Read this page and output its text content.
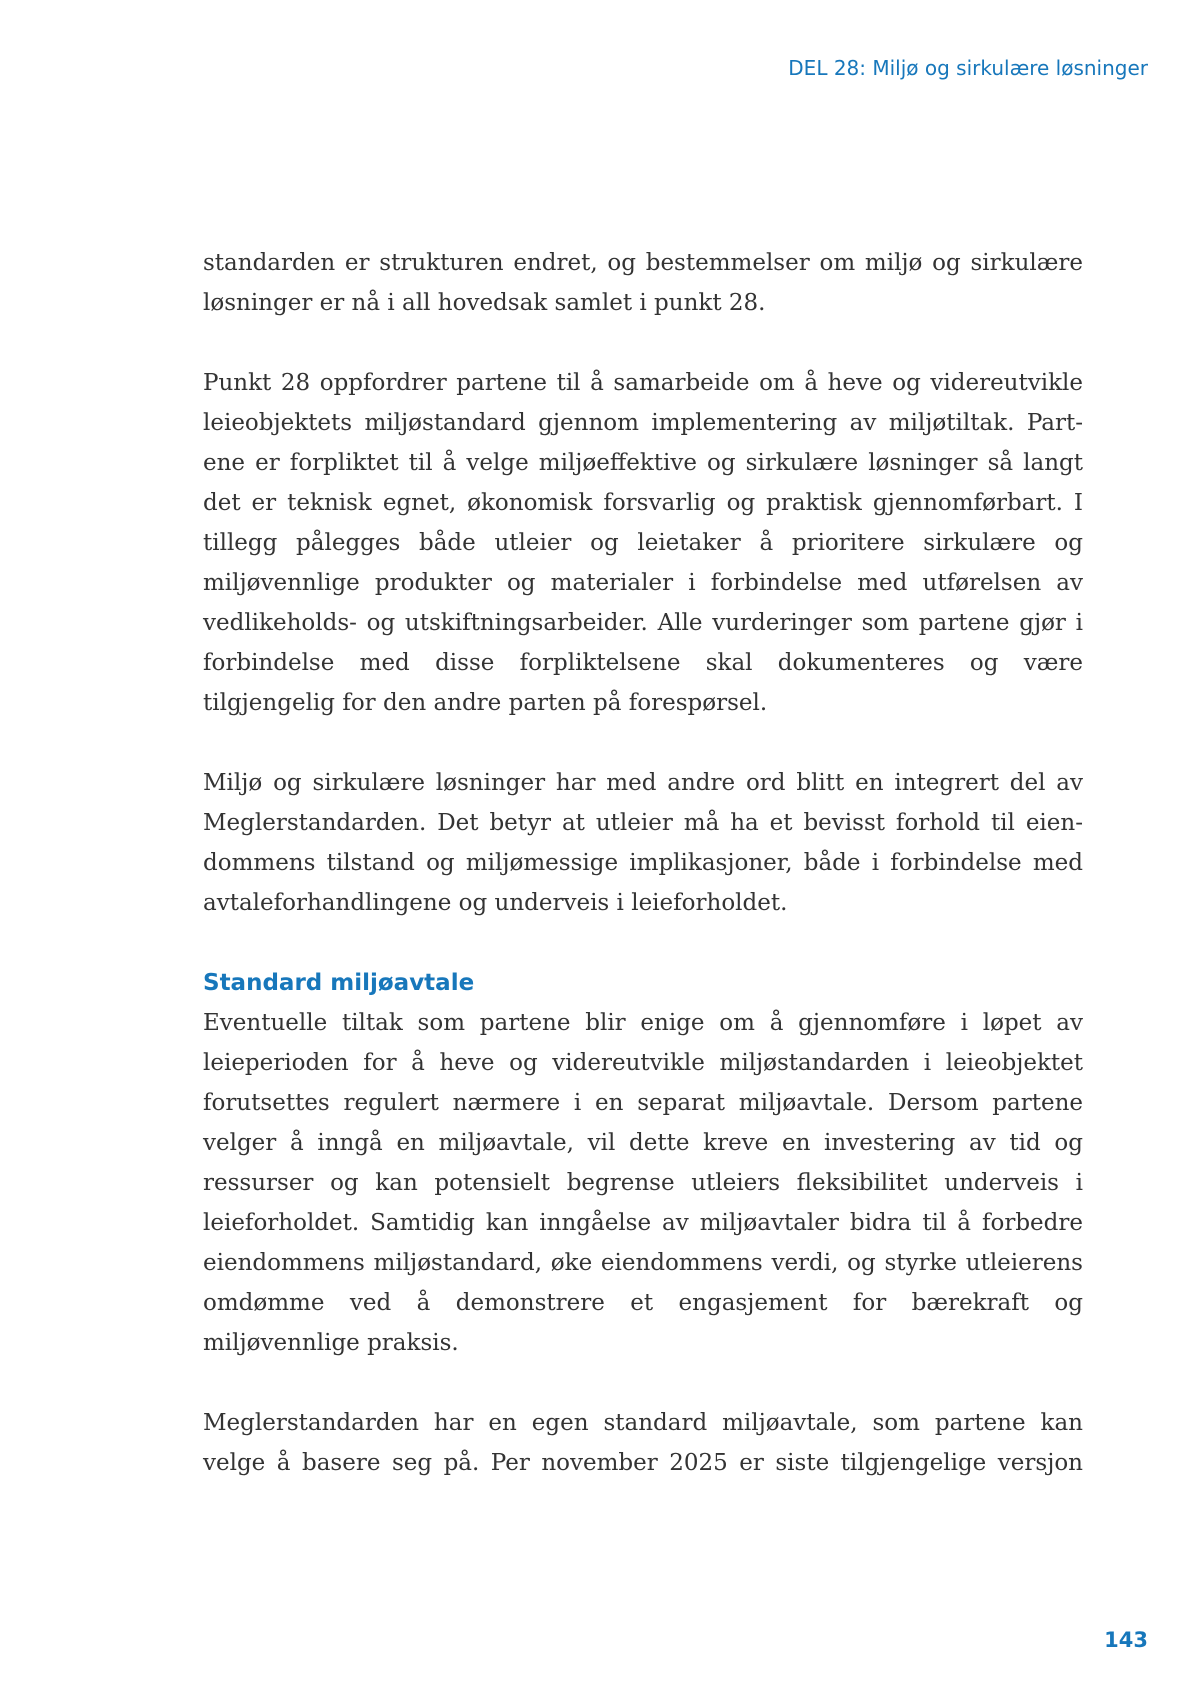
DEL 28: Miljø og sirkulære løsninger

standarden er strukturen endret, og bestemmelser om miljø og sirkulære løsninger er nå i all hovedsak samlet i punkt 28.

Punkt 28 oppfordrer partene til å samarbeide om å heve og videreutvikle leieobjektets miljøstandard gjennom implementering av miljøtiltak. Partene er forpliktet til å velge miljøeffektive og sirkulære løsninger så langt det er teknisk egnet, økonomisk forsvarlig og praktisk gjennomførbart. I tillegg pålegges både utleier og leietaker å prioritere sirkulære og miljøvennlige produkter og materialer i forbindelse med utførelsen av vedlikeholds- og utskiftningsarbeider. Alle vurderinger som partene gjør i forbindelse med disse forpliktelsene skal dokumenteres og være tilgjengelig for den andre parten på forespørsel.

Miljø og sirkulære løsninger har med andre ord blitt en integrert del av Meglerstandarden. Det betyr at utleier må ha et bevisst forhold til eiendommens tilstand og miljømessige implikasjoner, både i forbindelse med avtaleforhandlingene og underveis i leieforholdet.

Standard miljøavtale

Eventuelle tiltak som partene blir enige om å gjennomføre i løpet av leieperioden for å heve og videreutvikle miljøstandarden i leieobjektet forutsettes regulert nærmere i en separat miljøavtale. Dersom partene velger å inngå en miljøavtale, vil dette kreve en investering av tid og ressurser og kan potensielt begrense utleiers fleksibilitet underveis i leieforholdet. Samtidig kan inngåelse av miljøavtaler bidra til å forbedre eiendommens miljøstandard, øke eiendommens verdi, og styrke utleierens omdømme ved å demonstrere et engasjement for bærekraft og miljøvennlige praksis.

Meglerstandarden har en egen standard miljøavtale, som partene kan velge å basere seg på. Per november 2025 er siste tilgjengelige versjon

143
